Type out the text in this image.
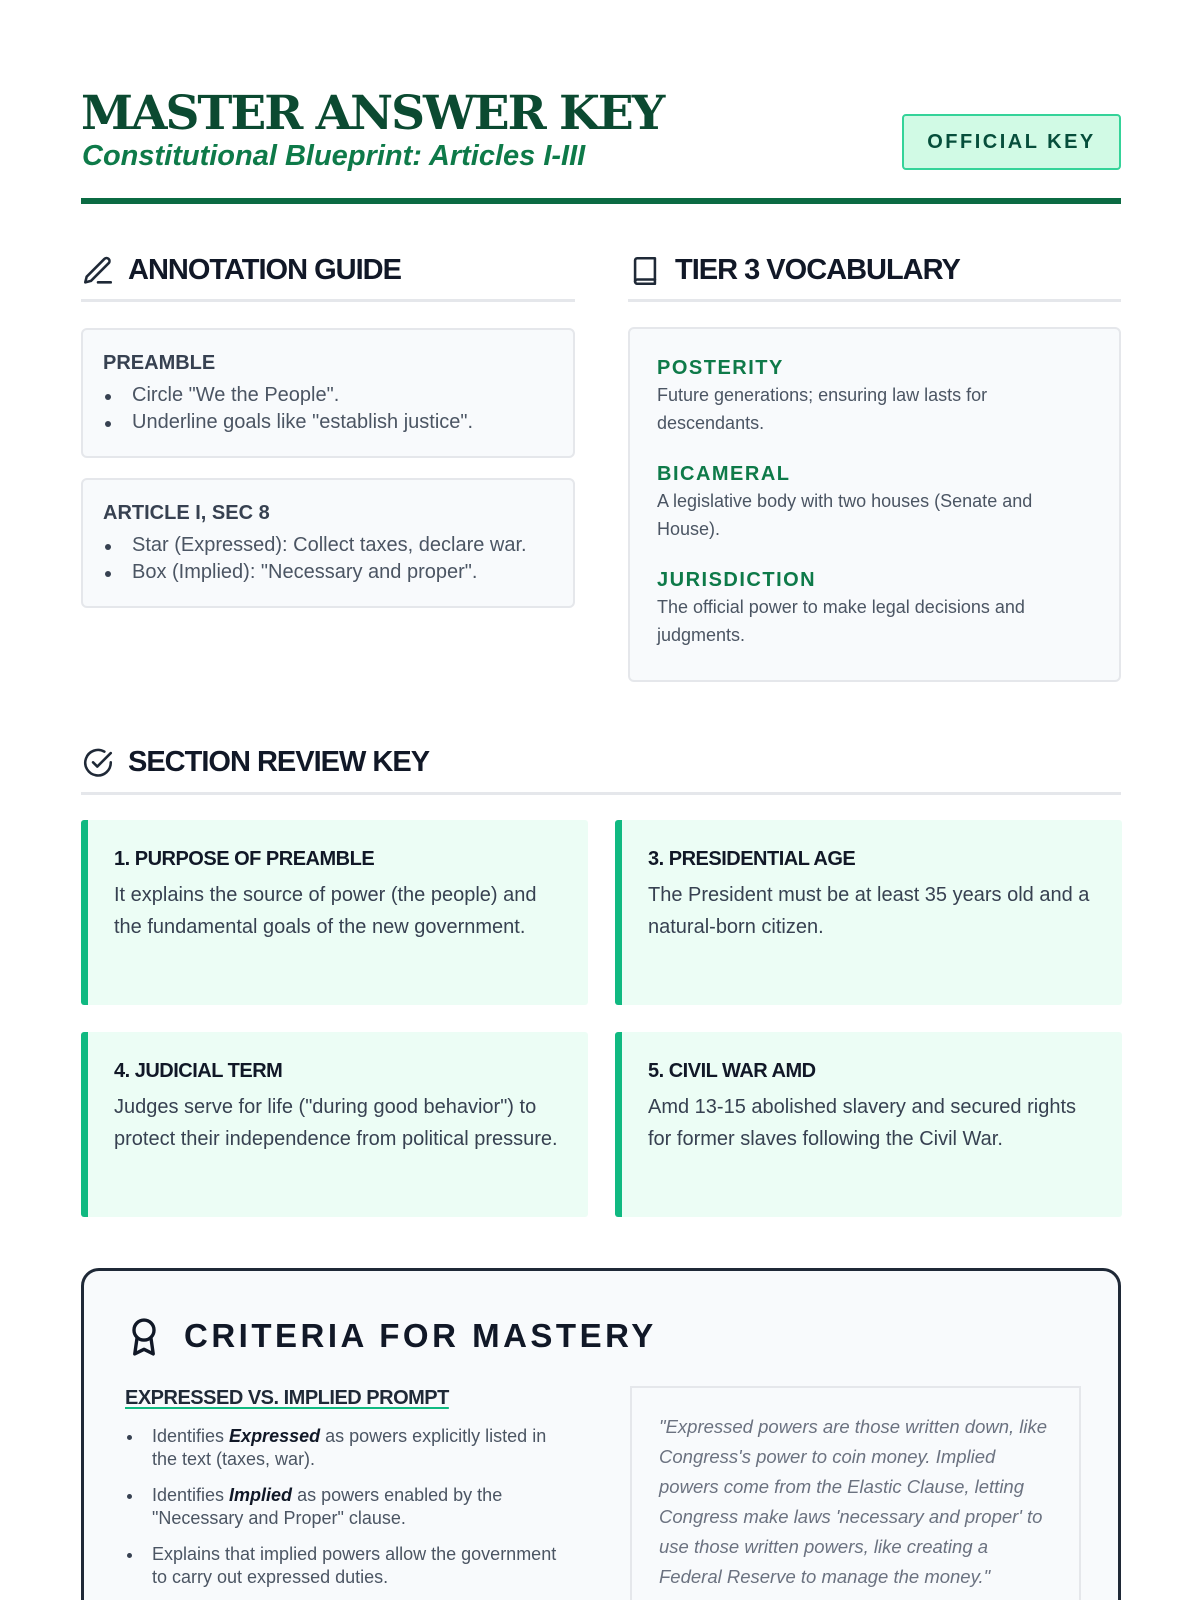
MASTER ANSWER KEY
Constitutional Blueprint: Articles I-III	OFFICIAL KEY
ANNOTATION GUIDE
PREAMBLE
Circle "We the People".
Underline goals like "establish justice".
ARTICLE I, SEC 8
Star (Expressed): Collect taxes, declare war.
Box (Implied): "Necessary and proper".
TIER 3 VOCABULARY
POSTERITY
Future generations; ensuring law lasts for descendants.
BICAMERAL
A legislative body with two houses (Senate and House).
JURISDICTION
The official power to make legal decisions and judgments.
SECTION REVIEW KEY
1. PURPOSE OF PREAMBLE

It explains the source of power (the people) and the fundamental goals of the new government.

3. PRESIDENTIAL AGE

The President must be at least 35 years old and a natural-born citizen.

4. JUDICIAL TERM

Judges serve for life ("during good behavior") to protect their independence from political pressure.

5. CIVIL WAR AMD

Amd 13-15 abolished slavery and secured rights for former slaves following the Civil War.

CRITERIA FOR MASTERY
EXPRESSED VS. IMPLIED PROMPT
Identifies Expressed as powers explicitly listed in the text (taxes, war).
Identifies Implied as powers enabled by the "Necessary and Proper" clause.
Explains that implied powers allow the government to carry out expressed duties.
"Expressed powers are those written down, like Congress's power to coin money. Implied powers come from the Elastic Clause, letting Congress make laws 'necessary and proper' to use those written powers, like creating a Federal Reserve to manage the money."
